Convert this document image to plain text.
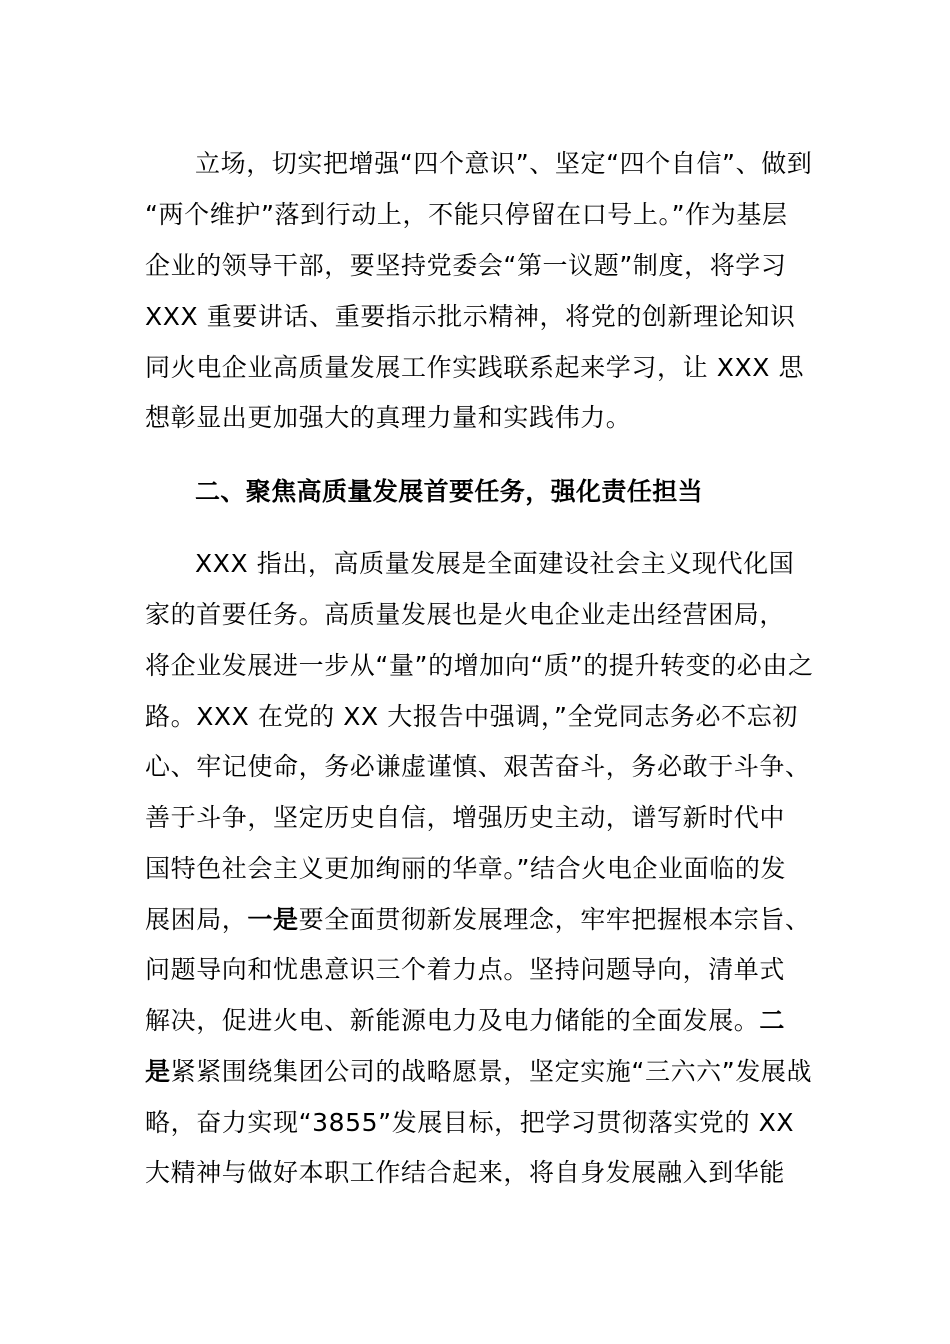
立场，切实把增强“四个意识”、坚定“四个自信”、做到
“两个维护”落到行动上，不能只停留在口号上。”作为基层
企业的领导干部，要坚持党委会“第一议题”制度，将学习
XXX 重要讲话、重要指示批示精神，将党的创新理论知识
同火电企业高质量发展工作实践联系起来学习，让 XXX 思
想彰显出更加强大的真理力量和实践伟力。
二、聚焦高质量发展首要任务，强化责任担当
XXX 指出，高质量发展是全面建设社会主义现代化国
家的首要任务。高质量发展也是火电企业走出经营困局，
将企业发展进一步从“量”的增加向“质”的提升转变的必由之
路。XXX 在党的 XX 大报告中强调，”全党同志务必不忘初
心、牢记使命，务必谦虚谨慎、艰苦奋斗，务必敢于斗争、
善于斗争，坚定历史自信，增强历史主动，谱写新时代中
国特色社会主义更加绚丽的华章。”结合火电企业面临的发
展困局，一是要全面贯彻新发展理念，牢牢把握根本宗旨、
问题导向和忧患意识三个着力点。坚持问题导向，清单式
解决，促进火电、新能源电力及电力储能的全面发展。二
是紧紧围绕集团公司的战略愿景，坚定实施“三六六”发展战
略，奋力实现“3855”发展目标，把学习贯彻落实党的 XX
大精神与做好本职工作结合起来，将自身发展融入到华能
